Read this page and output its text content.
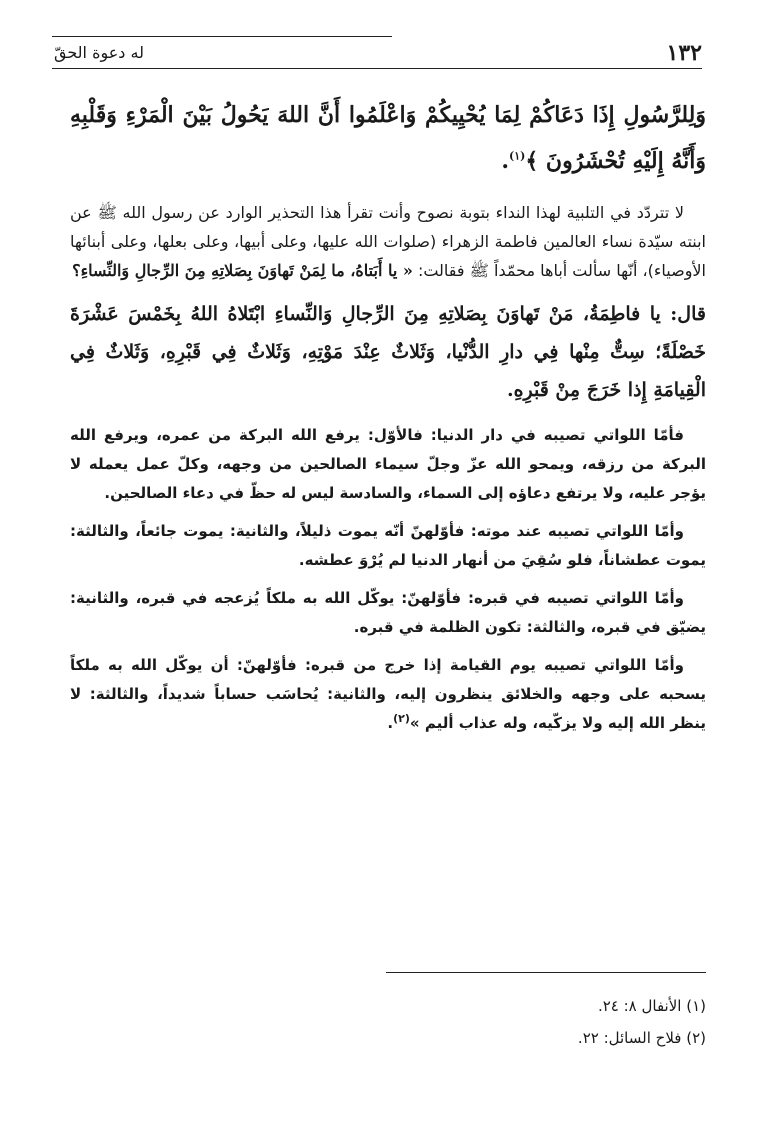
١٣٢
له دعوة الحقّ

وَلِلرَّسُولِ إِذَا دَعَاكُمْ لِمَا يُحْيِيكُمْ وَاعْلَمُوا أَنَّ اللهَ يَحُولُ بَيْنَ الْمَرْءِ وَقَلْبِهِ وَأَنَّهُ إِلَيْهِ تُحْشَرُونَ ﴾$^{(١)}$.

لا تتردّد في التلبية لهذا النداء بتوبة نصوح وأنت تقرأ هذا التحذير الوارد عن رسول الله ﷺ عن ابنته سيّدة نساء العالمين فاطمة الزهراء (صلوات الله عليها، وعلى أبيها، وعلى بعلها، وعلى أبنائها الأوصياء)، أنّها سألت أباها محمّداً ﷺ فقالت: « يا أَبَتاهُ، ما لِمَنْ تَهاوَنَ بِصَلاتِهِ مِنَ الرِّجالِ وَالنِّساءِ؟

قال: يا فاطِمَةُ، مَنْ تَهاوَنَ بِصَلاتِهِ مِنَ الرِّجالِ وَالنِّساءِ ابْتَلاهُ اللهُ بِخَمْسَ عَشْرَةَ خَصْلَةً؛ سِتٌّ مِنْها فِي دارِ الدُّنْيا، وَثَلاثٌ عِنْدَ مَوْتِهِ، وَثَلاثٌ فِي قَبْرِهِ، وَثَلاثٌ فِي الْقِيامَةِ إِذا خَرَجَ مِنْ قَبْرِهِ.

فأمّا اللواتي تصيبه في دار الدنيا: فالأوّل: يرفع الله البركة من عمره، ويرفع الله البركة من رزقه، ويمحو الله عزّ وجلّ سيماء الصالحين من وجهه، وكلّ عمل يعمله لا يؤجر عليه، ولا يرتفع دعاؤه إلى السماء، والسادسة ليس له حظّ في دعاء الصالحين.

وأمّا اللواتي تصيبه عند موته: فأوّلهنّ أنّه يموت ذليلاً، والثانية: يموت جائعاً، والثالثة: يموت عطشاناً، فلو سُقِيَ من أنهار الدنيا لم يُرْوَ عطشه.

وأمّا اللواتي تصيبه في قبره: فأوّلهنّ: يوكّل الله به ملكاً يُزعجه في قبره، والثانية: يضيّق في قبره، والثالثة: تكون الظلمة في قبره.

وأمّا اللواتي تصيبه يوم القيامة إذا خرج من قبره: فأوّلهنّ: أن يوكّل الله به ملكاً يسحبه على وجهه والخلائق ينظرون إليه، والثانية: يُحاسَب حساباً شديداً، والثالثة: لا ينظر الله إليه ولا يزكّيه، وله عذاب أليم »$^{(٢)}$.

(١) الأنفال ٨: ٢٤.

(٢) فلاح السائل: ٢٢.
